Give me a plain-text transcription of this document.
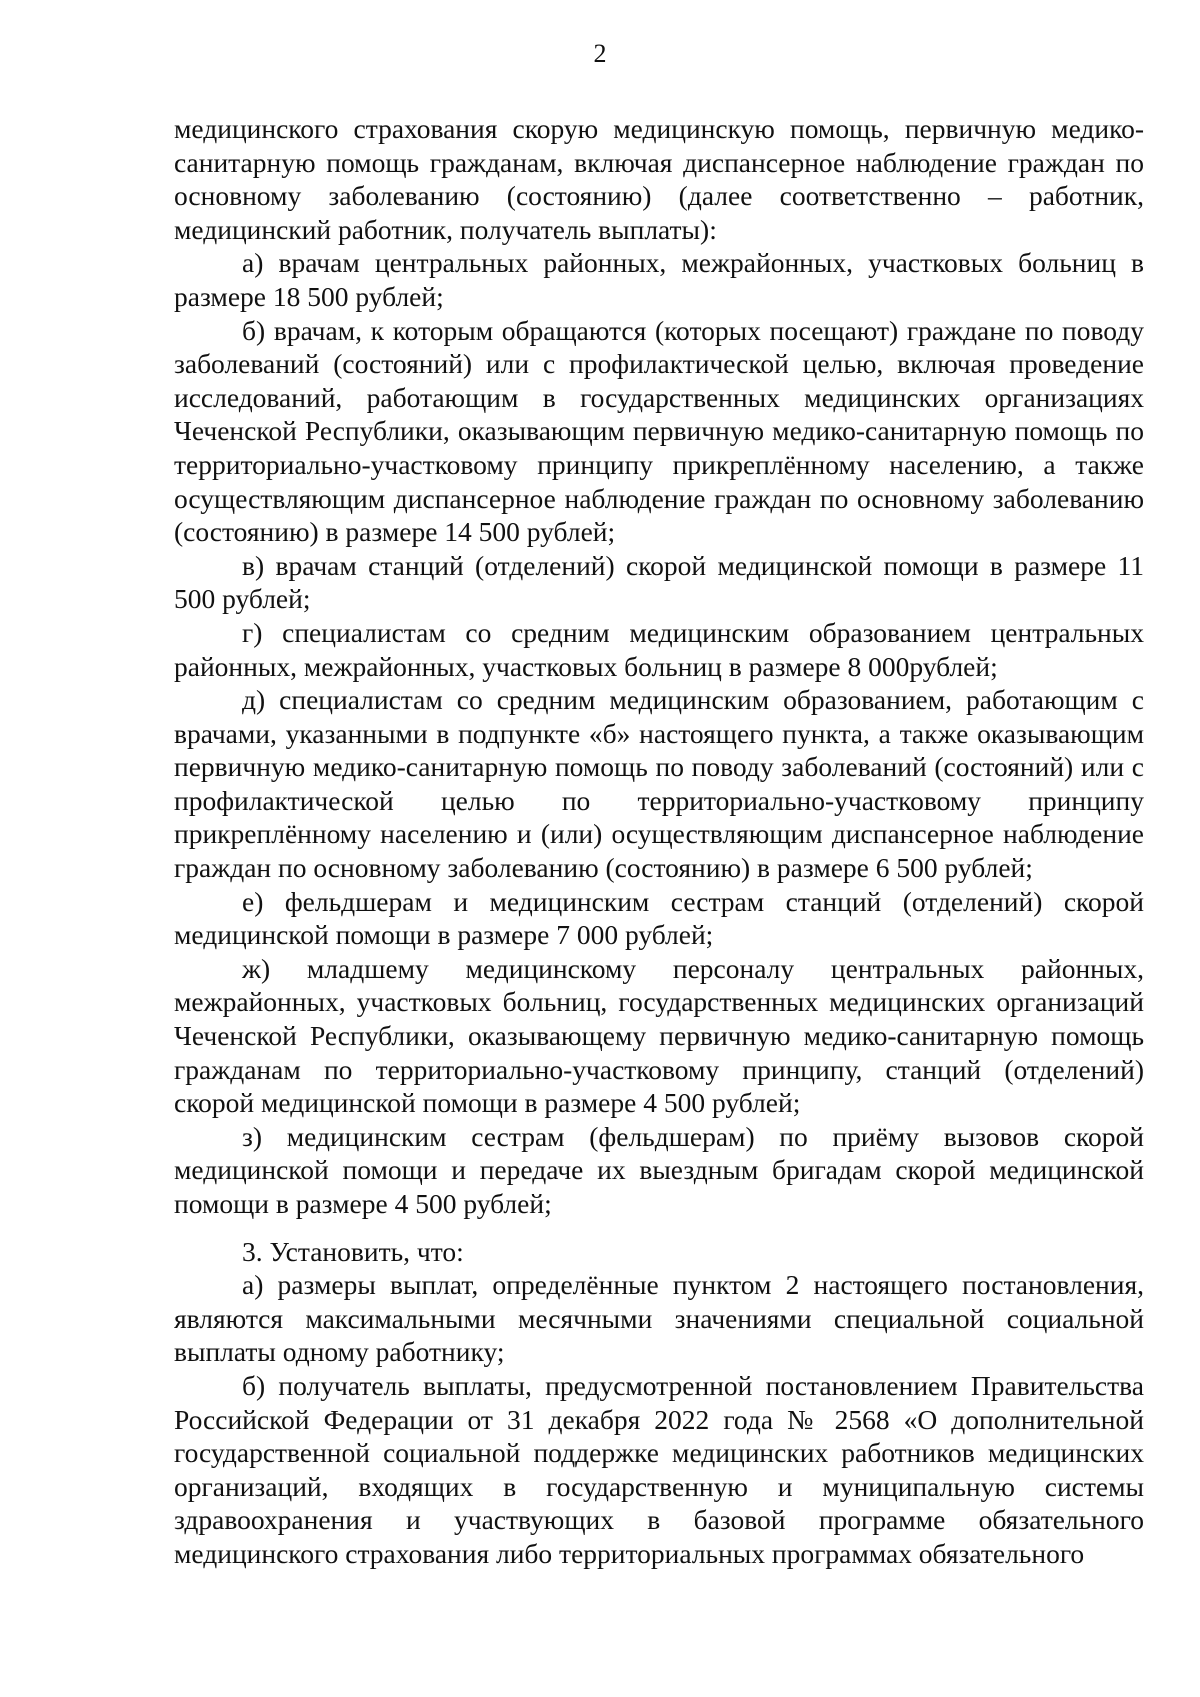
2

медицинского страхования скорую медицинскую помощь, первичную медико-санитарную помощь гражданам, включая диспансерное наблюдение граждан по основному заболеванию (состоянию) (далее соответственно – работник, медицинский работник, получатель выплаты):

а) врачам центральных районных, межрайонных, участковых больниц в размере 18 500 рублей;

б) врачам, к которым обращаются (которых посещают) граждане по поводу заболеваний (состояний) или с профилактической целью, включая проведение исследований, работающим в государственных медицинских организациях Чеченской Республики, оказывающим первичную медико-санитарную помощь по территориально-участковому принципу прикреплённому населению, а также осуществляющим диспансерное наблюдение граждан по основному заболеванию (состоянию) в размере 14 500 рублей;

в) врачам станций (отделений) скорой медицинской помощи в размере 11 500 рублей;

г) специалистам со средним медицинским образованием центральных районных, межрайонных, участковых больниц в размере 8 000рублей;

д) специалистам со средним медицинским образованием, работающим с врачами, указанными в подпункте «б» настоящего пункта, а также оказывающим первичную медико-санитарную помощь по поводу заболеваний (состояний) или с профилактической целью по территориально-участковому принципу прикреплённому населению и (или) осуществляющим диспансерное наблюдение граждан по основному заболеванию (состоянию) в размере 6 500 рублей;

е) фельдшерам и медицинским сестрам станций (отделений) скорой медицинской помощи в размере 7 000 рублей;

ж) младшему медицинскому персоналу центральных районных, межрайонных, участковых больниц, государственных медицинских организаций Чеченской Республики, оказывающему первичную медико-санитарную помощь гражданам по территориально-участковому принципу, станций (отделений) скорой медицинской помощи в размере 4 500 рублей;

з) медицинским сестрам (фельдшерам) по приёму вызовов скорой медицинской помощи и передаче их выездным бригадам скорой медицинской помощи в размере 4 500 рублей;

3. Установить, что:

а) размеры выплат, определённые пунктом 2 настоящего постановления, являются максимальными месячными значениями специальной социальной выплаты одному работнику;

б) получатель выплаты, предусмотренной постановлением Правительства Российской Федерации от 31 декабря 2022 года № 2568 «О дополнительной государственной социальной поддержке медицинских работников медицинских организаций, входящих в государственную и муниципальную системы здравоохранения и участвующих в базовой программе обязательного медицинского страхования либо территориальных программах обязательного
